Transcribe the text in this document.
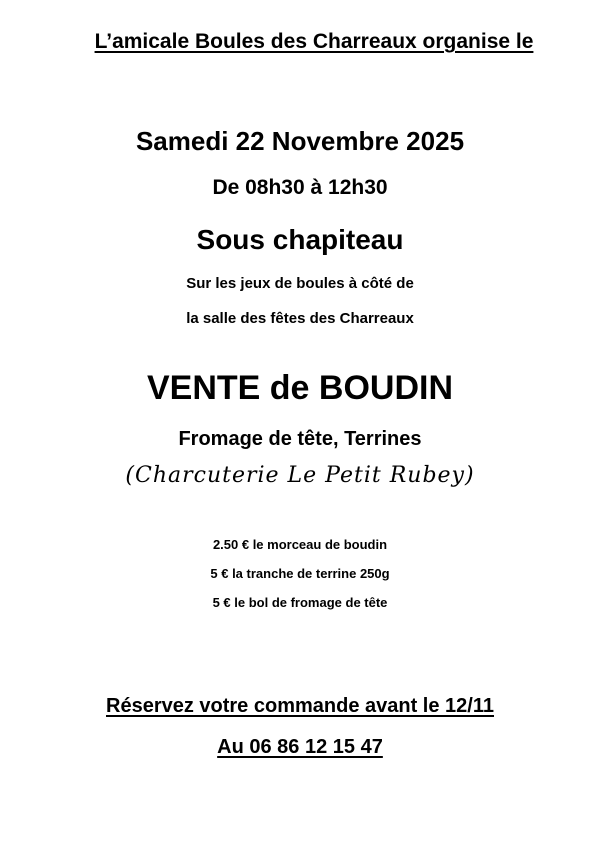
L’amicale Boules des Charreaux organise le
Samedi 22 Novembre 2025
De 08h30 à 12h30
Sous chapiteau
Sur les jeux de boules à côté de
la salle des fêtes des Charreaux
VENTE de BOUDIN
Fromage de tête, Terrines
(Charcuterie Le Petit Rubey)
2.50 € le morceau de boudin
5 € la tranche de terrine 250g
5 € le bol de fromage de tête
Réservez votre commande avant le 12/11
Au 06 86 12 15 47
